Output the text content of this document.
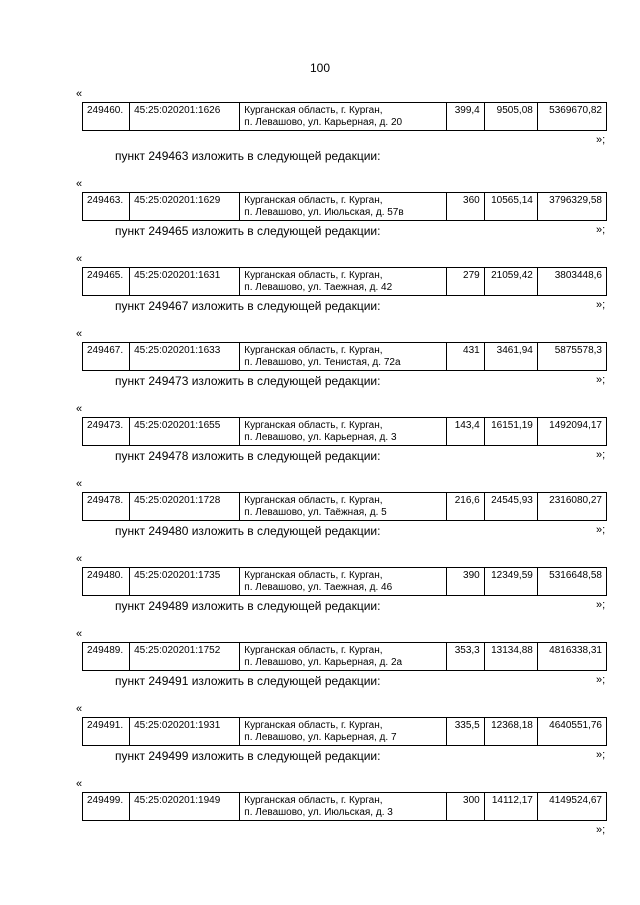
100
«
249460.	45:25:020201:1626	Курганская область, г. Курган,
п. Левашово, ул. Карьерная, д. 20
	399,4	9505,08	5369670,82
»;
пункт 249463 изложить в следующей редакции:
«
249463.	45:25:020201:1629	Курганская область, г. Курган,
п. Левашово, ул. Июльская, д. 57в
	360	10565,14	3796329,58
»;
пункт 249465 изложить в следующей редакции:
«
249465.	45:25:020201:1631	Курганская область, г. Курган,
п. Левашово, ул. Таежная, д. 42
	279	21059,42	3803448,6
»;
пункт 249467 изложить в следующей редакции:
«
249467.	45:25:020201:1633	Курганская область, г. Курган,
п. Левашово, ул. Тенистая, д. 72а
	431	3461,94	5875578,3
»;
пункт 249473 изложить в следующей редакции:
«
249473.	45:25:020201:1655	Курганская область, г. Курган,
п. Левашово, ул. Карьерная, д. 3
	143,4	16151,19	1492094,17
»;
пункт 249478 изложить в следующей редакции:
«
249478.	45:25:020201:1728	Курганская область, г. Курган,
п. Левашово, ул. Таёжная, д. 5
	216,6	24545,93	2316080,27
»;
пункт 249480 изложить в следующей редакции:
«
249480.	45:25:020201:1735	Курганская область, г. Курган,
п. Левашово, ул. Таежная, д. 46
	390	12349,59	5316648,58
»;
пункт 249489 изложить в следующей редакции:
«
249489.	45:25:020201:1752	Курганская область, г. Курган,
п. Левашово, ул. Карьерная, д. 2а
	353,3	13134,88	4816338,31
»;
пункт 249491 изложить в следующей редакции:
«
249491.	45:25:020201:1931	Курганская область, г. Курган,
п. Левашово, ул. Карьерная, д. 7
	335,5	12368,18	4640551,76
»;
пункт 249499 изложить в следующей редакции:
«
249499.	45:25:020201:1949	Курганская область, г. Курган,
п. Левашово, ул. Июльская, д. 3
	300	14112,17	4149524,67
»;
